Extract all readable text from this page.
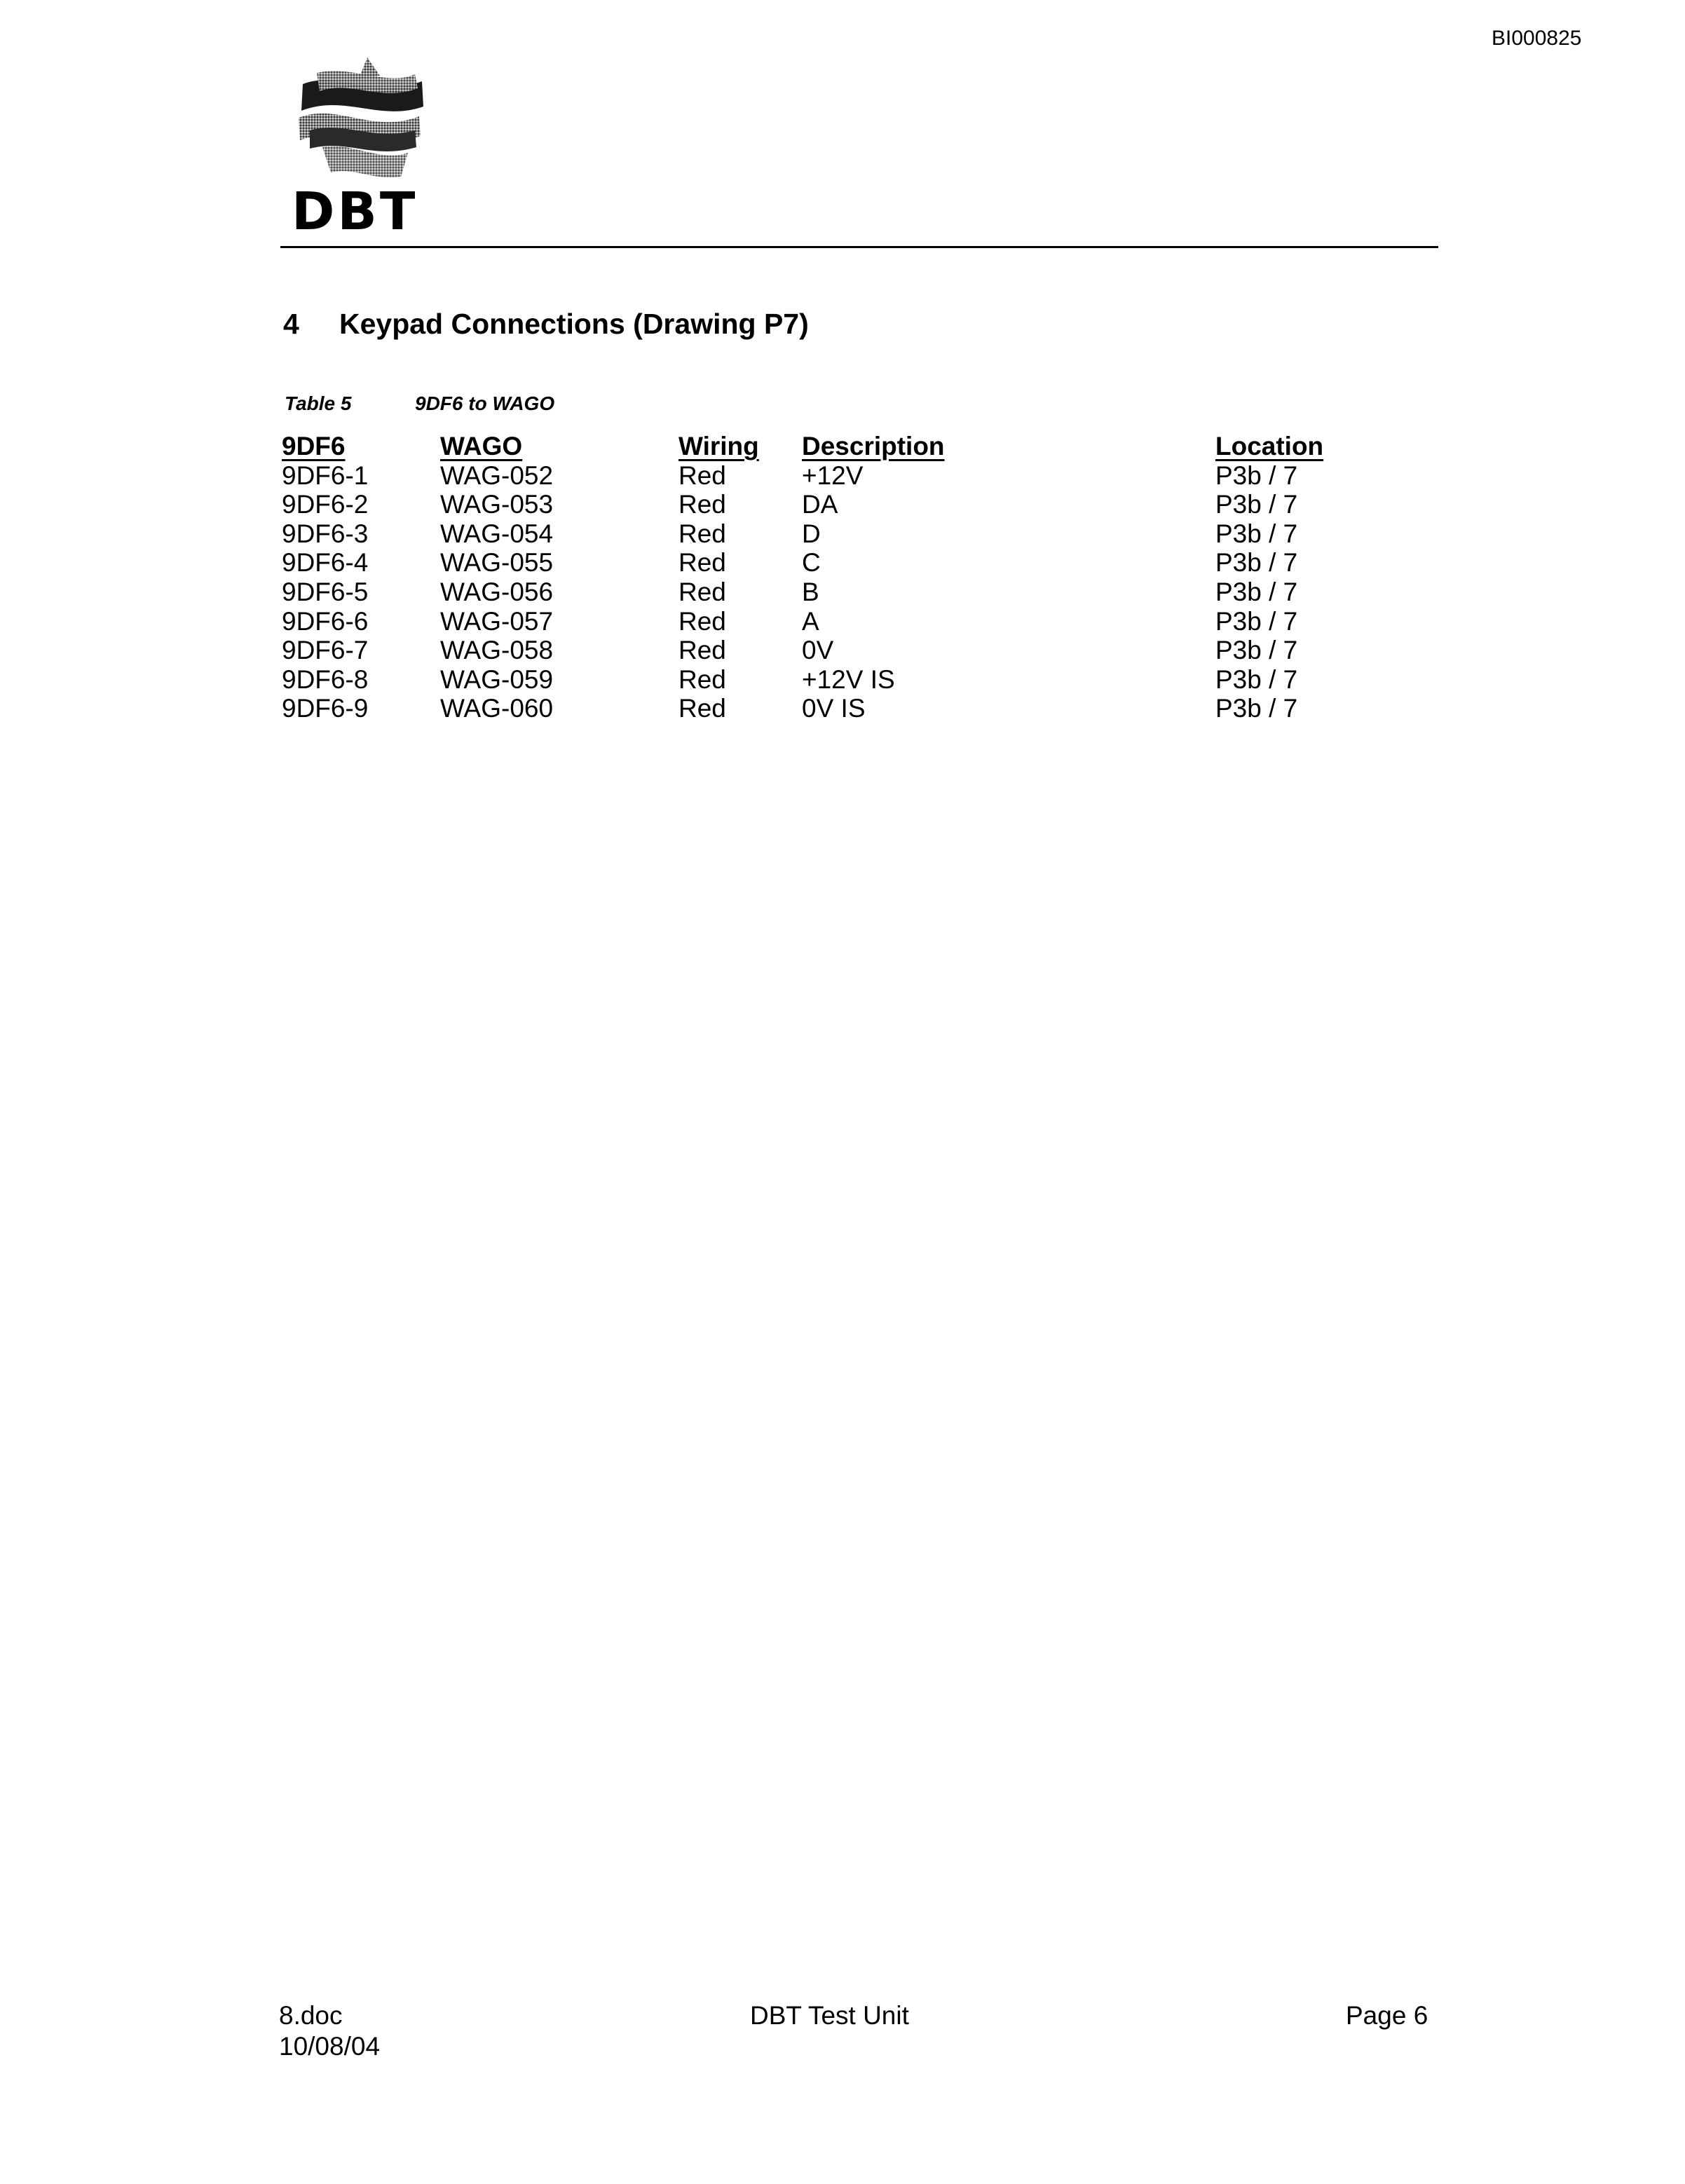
BI000825
DBT
4 Keypad Connections (Drawing P7)
Table 5	9DF6 to WAGO
9DF6	WAGO	Wiring	Description	Location
9DF6-1	WAG-052	Red	+12V	P3b / 7
9DF6-2	WAG-053	Red	DA	P3b / 7
9DF6-3	WAG-054	Red	D	P3b / 7
9DF6-4	WAG-055	Red	C	P3b / 7
9DF6-5	WAG-056	Red	B	P3b / 7
9DF6-6	WAG-057	Red	A	P3b / 7
9DF6-7	WAG-058	Red	0V	P3b / 7
9DF6-8	WAG-059	Red	+12V IS	P3b / 7
9DF6-9	WAG-060	Red	0V IS	P3b / 7
8.doc
10/08/04
DBT Test Unit	Page 6
